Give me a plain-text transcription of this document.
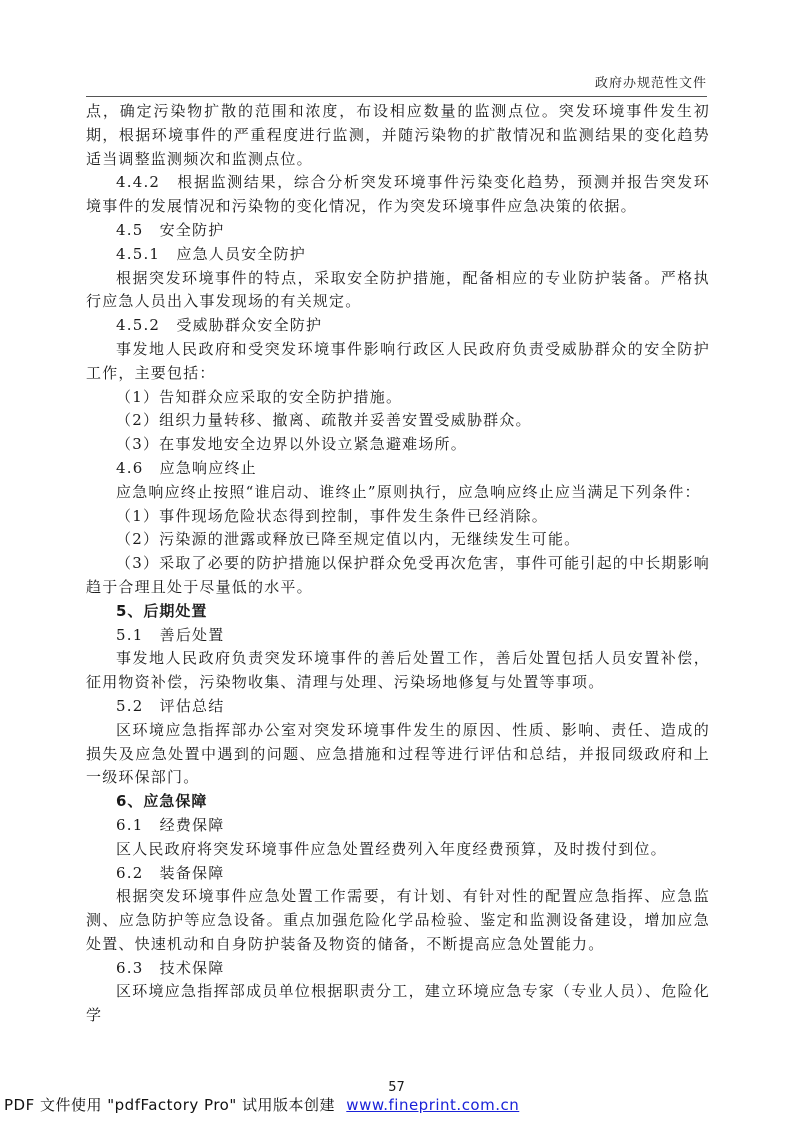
政府办规范性文件

点，确定污染物扩散的范围和浓度，布设相应数量的监测点位。突发环境事件发生初期，根据环境事件的严重程度进行监测，并随污染物的扩散情况和监测结果的变化趋势适当调整监测频次和监测点位。

4.4.2　根据监测结果，综合分析突发环境事件污染变化趋势，预测并报告突发环境事件的发展情况和污染物的变化情况，作为突发环境事件应急决策的依据。

4.5　安全防护

4.5.1　应急人员安全防护

根据突发环境事件的特点，采取安全防护措施，配备相应的专业防护装备。严格执行应急人员出入事发现场的有关规定。

4.5.2　受威胁群众安全防护

事发地人民政府和受突发环境事件影响行政区人民政府负责受威胁群众的安全防护工作，主要包括：

（1）告知群众应采取的安全防护措施。

（2）组织力量转移、撤离、疏散并妥善安置受威胁群众。

（3）在事发地安全边界以外设立紧急避难场所。

4.6　应急响应终止

应急响应终止按照“谁启动、谁终止”原则执行，应急响应终止应当满足下列条件：

（1）事件现场危险状态得到控制，事件发生条件已经消除。

（2）污染源的泄露或释放已降至规定值以内，无继续发生可能。

（3）采取了必要的防护措施以保护群众免受再次危害，事件可能引起的中长期影响趋于合理且处于尽量低的水平。

5、后期处置

5.1　善后处置

事发地人民政府负责突发环境事件的善后处置工作，善后处置包括人员安置补偿，征用物资补偿，污染物收集、清理与处理、污染场地修复与处置等事项。

5.2　评估总结

区环境应急指挥部办公室对突发环境事件发生的原因、性质、影响、责任、造成的损失及应急处置中遇到的问题、应急措施和过程等进行评估和总结，并报同级政府和上一级环保部门。

6、应急保障

6.1　经费保障

区人民政府将突发环境事件应急处置经费列入年度经费预算，及时拨付到位。

6.2　装备保障

根据突发环境事件应急处置工作需要，有计划、有针对性的配置应急指挥、应急监测、应急防护等应急设备。重点加强危险化学品检验、鉴定和监测设备建设，增加应急处置、快速机动和自身防护装备及物资的储备，不断提高应急处置能力。

6.3　技术保障

区环境应急指挥部成员单位根据职责分工，建立环境应急专家（专业人员）、危险化学

57
PDF 文件使用 "pdfFactory Pro" 试用版本创建 www.fineprint.com.cn
